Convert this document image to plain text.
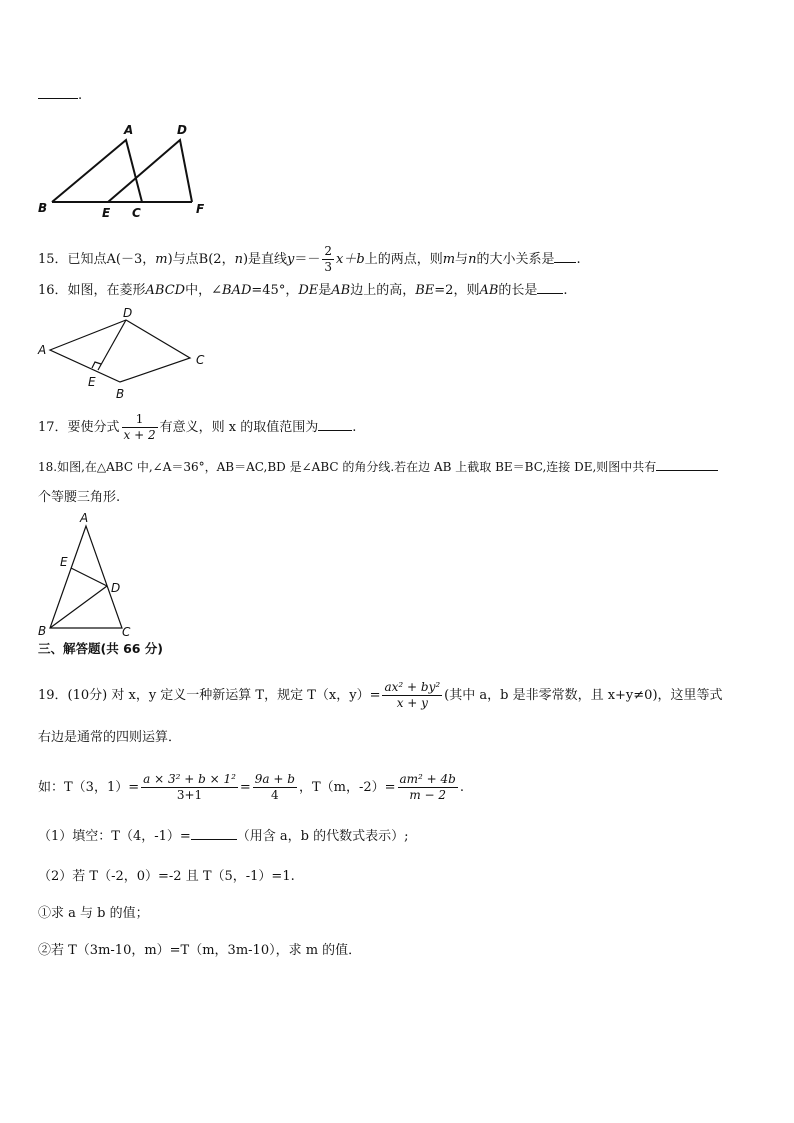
.
A	D
B	E C	F
15．已知点A(－3，m)与点B(2，n)是直线$y=- \frac{2}{3} x+b$上的两点，则m与n的大小关系是 .
16．如图，在菱形ABCD中，∠BAD=45°，DE是AB边上的高，BE=2，则AB的长是 .
A
D
C
E
B
17．要使分式 $\frac{1}{x + 2}$ 有意义，则 x 的取值范围为	.
18.如图,在△ABC 中,∠A＝36°，AB＝AC,BD 是∠ABC 的角分线.若在边 AB 上截取 BE＝BC,连接 DE,则图中共有
个等腰三角形.
A
E
D
B	C
三、解答题(共 66 分)
19．(10分) 对 x，y 定义一种新运算 T，规定 T（x，$y)= \frac{\text{ax² + by²}}{x + y}$ (其中 a，b 是非零常数，且 x+y≠0)，这里等式
右边是通常的四则运算．
如：T（3，$1)= \frac{\text{a × 3² + b × 1²}}{3+1} = \frac{9a + b}{4}$ ，T（m，$-2)= \frac{\text{am² + 4b}}{m - 2}$ .
（1）填空：T（4，-1）=	（用含 a，b 的代数式表示）;
（2）若 T（-2，0）=-2 且 T（5，-1）=1.
①求 a 与 b 的值；
②若 T（3m-10，m）=T（m，3m-10），求 m 的值．
